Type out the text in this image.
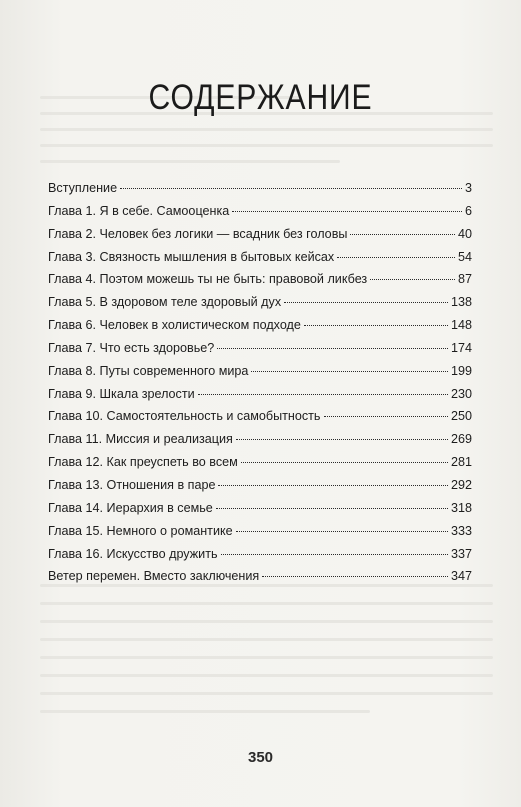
СОДЕРЖАНИЕ
Вступление	3
Глава 1. Я в себе. Самооценка	6
Глава 2. Человек без логики — всадник без головы	40
Глава 3. Связность мышления в бытовых кейсах	54
Глава 4. Поэтом можешь ты не быть: правовой ликбез	87
Глава 5. В здоровом теле здоровый дух	138
Глава 6. Человек в холистическом подходе	148
Глава 7. Что есть здоровье?	174
Глава 8. Путы современного мира	199
Глава 9. Шкала зрелости	230
Глава 10. Самостоятельность и самобытность	250
Глава 11. Миссия и реализация	269
Глава 12. Как преуспеть во всем	281
Глава 13. Отношения в паре	292
Глава 14. Иерархия в семье	318
Глава 15. Немного о романтике	333
Глава 16. Искусство дружить	337
Ветер перемен. Вместо заключения	347
350
